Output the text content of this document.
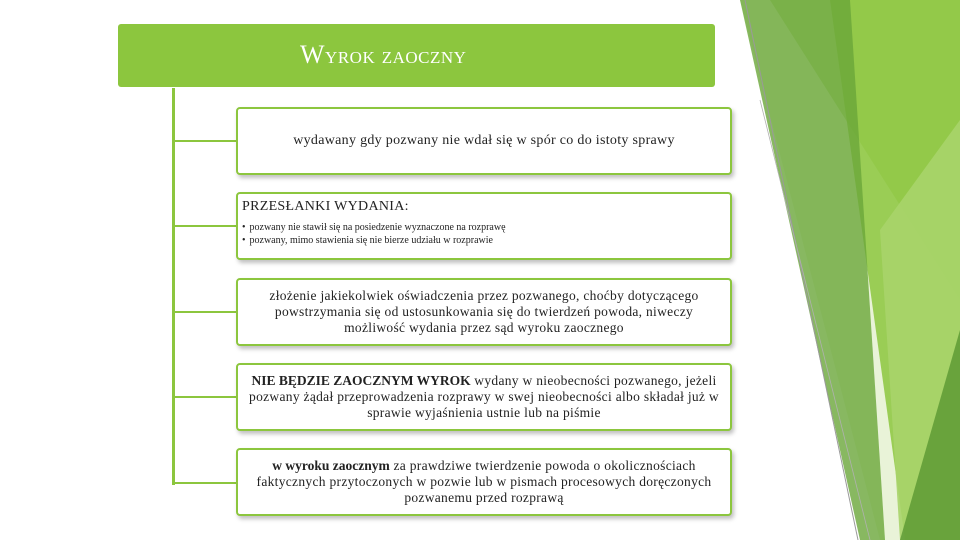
Wyrok zaoczny
wydawany gdy pozwany nie wdał się w spór co do istoty sprawy
PRZESŁANKI WYDANIA:
• pozwany nie stawił się na posiedzenie wyznaczone na rozprawę
• pozwany, mimo stawienia się nie bierze udziału w rozprawie
złożenie jakiekolwiek oświadczenia przez pozwanego, choćby dotyczącego powstrzymania się od ustosunkowania się do twierdzeń powoda, niweczy możliwość wydania przez sąd wyroku zaocznego
NIE BĘDZIE ZAOCZNYM WYROK wydany w nieobecności pozwanego, jeżeli pozwany żądał przeprowadzenia rozprawy w swej nieobecności albo składał już w sprawie wyjaśnienia ustnie lub na piśmie
w wyroku zaocznym za prawdziwe twierdzenie powoda o okolicznościach faktycznych przytoczonych w pozwie lub w pismach procesowych doręczonych pozwanemu przed rozprawą
